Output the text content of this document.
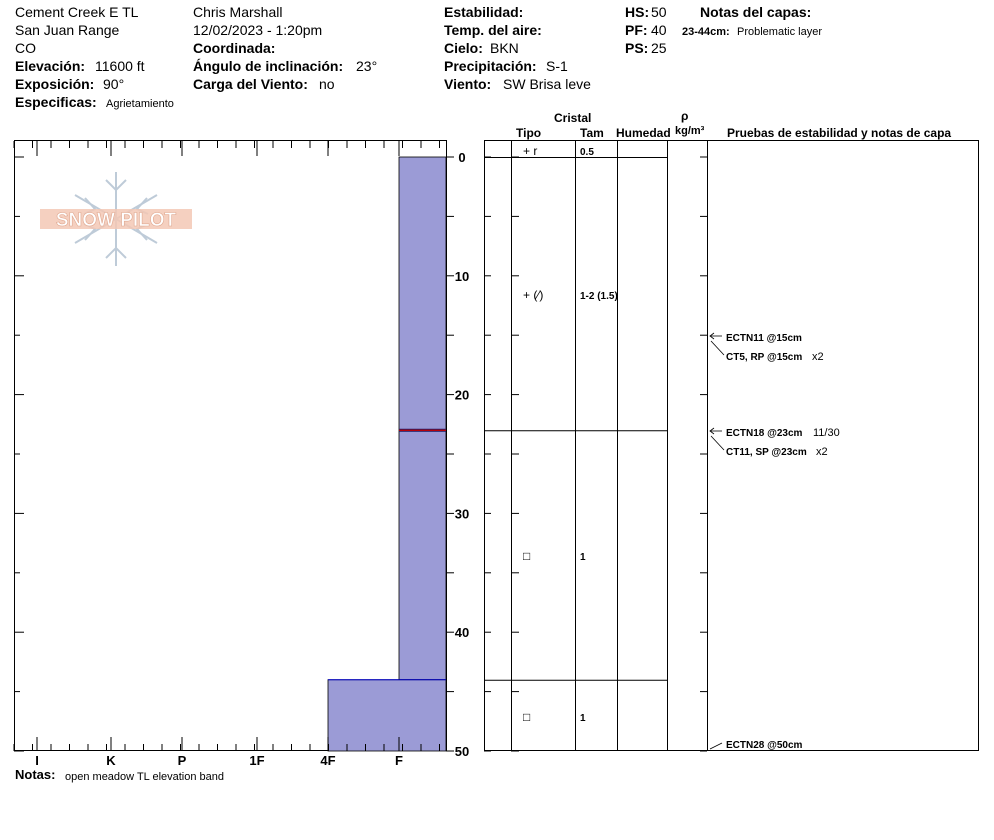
Cement Creek E TL
San Juan Range
CO
Elevación: 11600 ft
Exposición: 90°
Especificas: Agrietamiento
Chris Marshall
12/02/2023 - 1:20pm
Coordinada:
Ángulo de inclinación: 23°
Carga del Viento: no
Estabilidad:
Temp. del aire:
Cielo: BKN
Precipitación: S-1
Viento: SW Brisa leve
HS: 50
PF: 40
PS: 25
Notas del capas:
23-44cm: Problematic layer
Cristal
Tipo	Tam Humedad
ρ
kg/m³ Pruebas de estabilidad y notas de capa
+ r	0.5
+ (⁄)	1-2 (1.5)
□	1
□	1
ECTN11 @15cm
CT5, RP @15cm x2
ECTN18 @23cm 11/30
CT11, SP @23cm x2
ECTN28 @50cm
Notas: open meadow TL elevation band
SNOW PILOT
I	K	P	1F	4F	F
0
10
20
30
40
50
